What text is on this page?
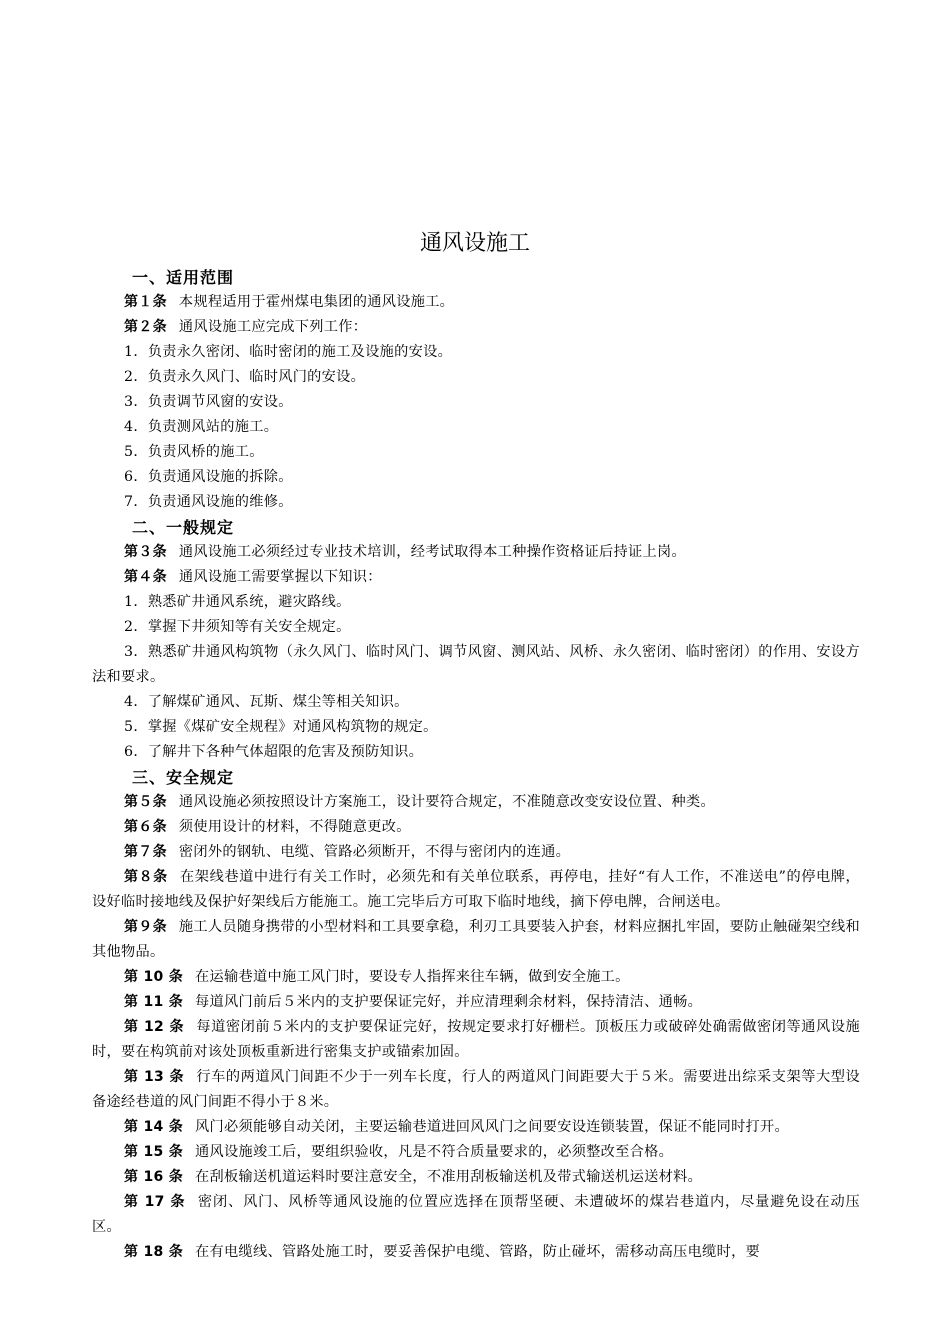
通风设施工
一、适用范围
第１条 本规程适用于霍州煤电集团的通风设施工。
第２条 通风设施工应完成下列工作：
1．负责永久密闭、临时密闭的施工及设施的安设。
2．负责永久风门、临时风门的安设。
3．负责调节风窗的安设。
4．负责测风站的施工。
5．负责风桥的施工。
6．负责通风设施的拆除。
7．负责通风设施的维修。
二、一般规定
第３条 通风设施工必须经过专业技术培训，经考试取得本工种操作资格证后持证上岗。
第４条 通风设施工需要掌握以下知识：
1．熟悉矿井通风系统，避灾路线。
2．掌握下井须知等有关安全规定。
3．熟悉矿井通风构筑物（永久风门、临时风门、调节风窗、测风站、风桥、永久密闭、临时密闭）的作用、安设方法和要求。
4．了解煤矿通风、瓦斯、煤尘等相关知识。
5．掌握《煤矿安全规程》对通风构筑物的规定。
6．了解井下各种气体超限的危害及预防知识。
三、安全规定
第５条 通风设施必须按照设计方案施工，设计要符合规定，不准随意改变安设位置、种类。
第６条 须使用设计的材料，不得随意更改。
第７条 密闭外的钢轨、电缆、管路必须断开，不得与密闭内的连通。
第８条 在架线巷道中进行有关工作时，必须先和有关单位联系，再停电，挂好“有人工作，不准送电”的停电牌，设好临时接地线及保护好架线后方能施工。施工完毕后方可取下临时地线，摘下停电牌，合闸送电。
第９条 施工人员随身携带的小型材料和工具要拿稳，利刃工具要装入护套，材料应捆扎牢固，要防止触碰架空线和其他物品。
第 10 条 在运输巷道中施工风门时，要设专人指挥来往车辆，做到安全施工。
第 11 条 每道风门前后５米内的支护要保证完好，并应清理剩余材料，保持清洁、通畅。
第 12 条 每道密闭前５米内的支护要保证完好，按规定要求打好栅栏。顶板压力或破碎处确需做密闭等通风设施时，要在构筑前对该处顶板重新进行密集支护或锚索加固。
第 13 条 行车的两道风门间距不少于一列车长度，行人的两道风门间距要大于５米。需要进出综采支架等大型设备途经巷道的风门间距不得小于８米。
第 14 条 风门必须能够自动关闭，主要运输巷道进回风风门之间要安设连锁装置，保证不能同时打开。
第 15 条 通风设施竣工后，要组织验收，凡是不符合质量要求的，必须整改至合格。
第 16 条 在刮板输送机道运料时要注意安全，不准用刮板输送机及带式输送机运送材料。
第 17 条 密闭、风门、风桥等通风设施的位置应选择在顶帮坚硬、未遭破坏的煤岩巷道内，尽量避免设在动压区。
第 18 条 在有电缆线、管路处施工时，要妥善保护电缆、管路，防止碰坏，需移动高压电缆时，要
